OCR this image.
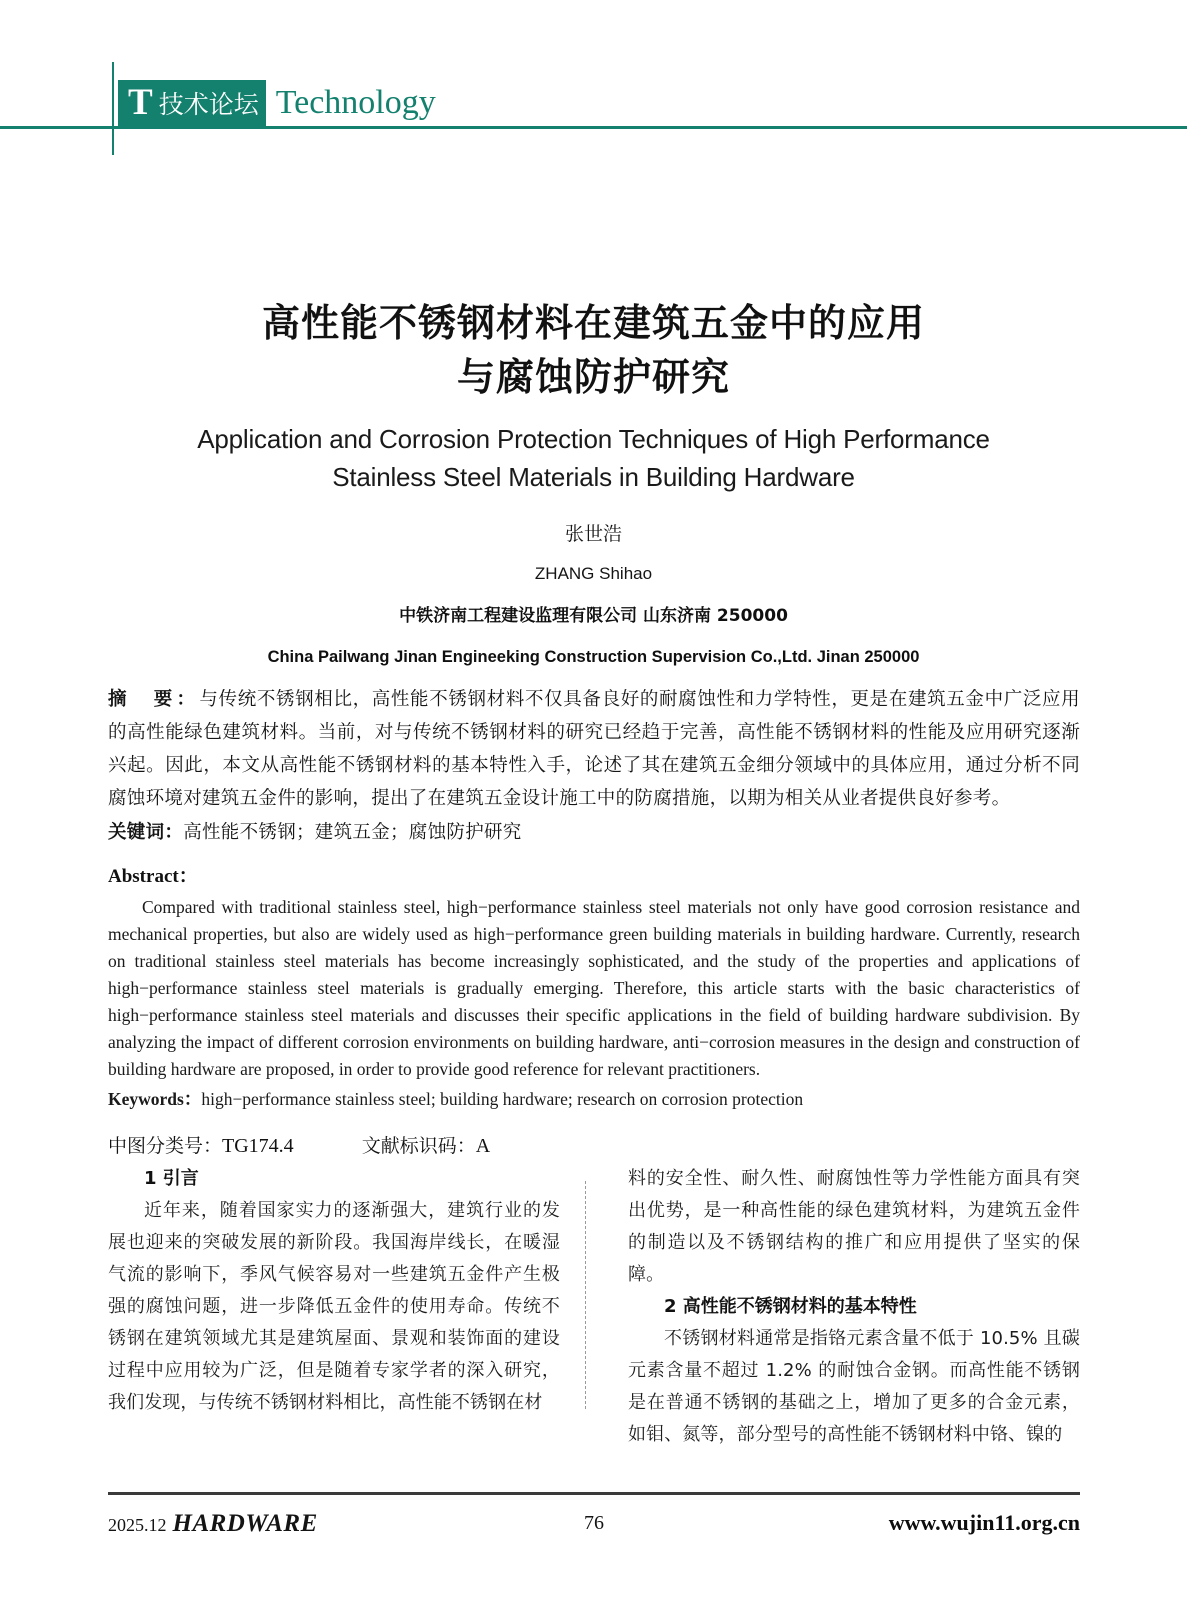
T 技术论坛 Technology
高性能不锈钢材料在建筑五金中的应用
与腐蚀防护研究
Application and Corrosion Protection Techniques of High Performance
Stainless Steel Materials in Building Hardware
张世浩
ZHANG Shihao
中铁济南工程建设监理有限公司 山东济南 250000
China Pailwang Jinan Engineeking Construction Supervision Co.,Ltd. Jinan 250000
摘　要：与传统不锈钢相比，高性能不锈钢材料不仅具备良好的耐腐蚀性和力学特性，更是在建筑五金中广泛应用的高性能绿色建筑材料。当前，对与传统不锈钢材料的研究已经趋于完善，高性能不锈钢材料的性能及应用研究逐渐兴起。因此，本文从高性能不锈钢材料的基本特性入手，论述了其在建筑五金细分领域中的具体应用，通过分析不同腐蚀环境对建筑五金件的影响，提出了在建筑五金设计施工中的防腐措施，以期为相关从业者提供良好参考。
关键词：高性能不锈钢；建筑五金；腐蚀防护研究
Abstract：
Compared with traditional stainless steel, high−performance stainless steel materials not only have good corrosion resistance and mechanical properties, but also are widely used as high−performance green building materials in building hardware. Currently, research on traditional stainless steel materials has become increasingly sophisticated, and the study of the properties and applications of high−performance stainless steel materials is gradually emerging. Therefore, this article starts with the basic characteristics of high−performance stainless steel materials and discusses their specific applications in the field of building hardware subdivision. By analyzing the impact of different corrosion environments on building hardware, anti−corrosion measures in the design and construction of building hardware are proposed, in order to provide good reference for relevant practitioners.
Keywords：high−performance stainless steel; building hardware; research on corrosion protection
中图分类号： TG174.4	文献标识码： A
1 引言
近年来，随着国家实力的逐渐强大，建筑行业的发展也迎来的突破发展的新阶段。我国海岸线长，在暖湿气流的影响下，季风气候容易对一些建筑五金件产生极强的腐蚀问题，进一步降低五金件的使用寿命。传统不锈钢在建筑领域尤其是建筑屋面、景观和装饰面的建设过程中应用较为广泛，但是随着专家学者的深入研究，我们发现，与传统不锈钢材料相比，高性能不锈钢在材
料的安全性、耐久性、耐腐蚀性等力学性能方面具有突出优势，是一种高性能的绿色建筑材料，为建筑五金件的制造以及不锈钢结构的推广和应用提供了坚实的保障。
2 高性能不锈钢材料的基本特性
不锈钢材料通常是指铬元素含量不低于 10.5% 且碳元素含量不超过 1.2% 的耐蚀合金钢。而高性能不锈钢是在普通不锈钢的基础之上，增加了更多的合金元素，如钼、氮等，部分型号的高性能不锈钢材料中铬、镍的
2025.12 HARDWARE	76	www.wujin11.org.cn
